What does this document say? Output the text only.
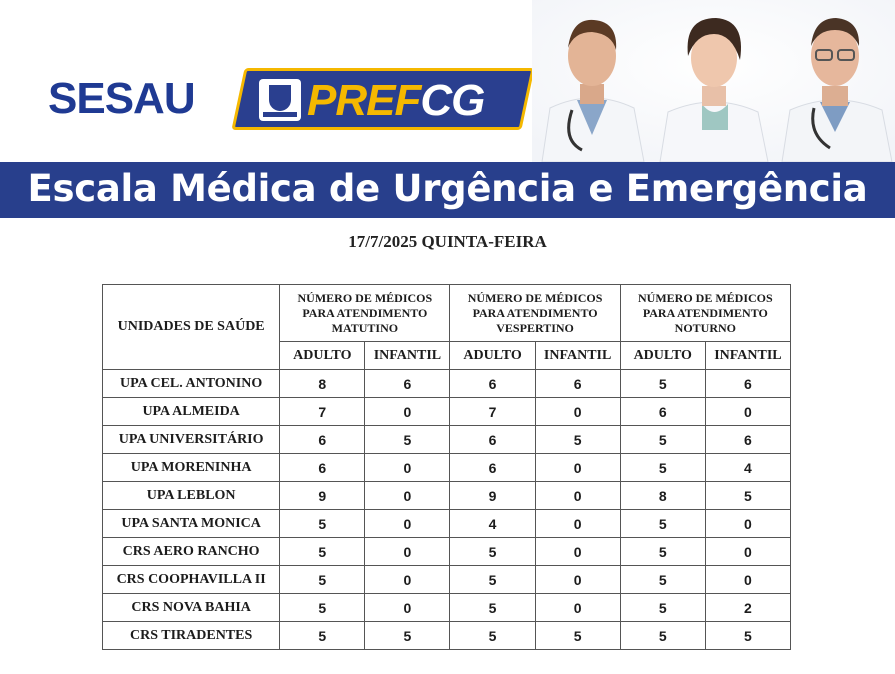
SESAU	PREFCG
Escala Médica de Urgência e Emergência
17/7/2025 QUINTA-FEIRA
UNIDADES DE SAÚDE	NÚMERO DE MÉDICOS PARA ATENDIMENTO MATUTINO		NÚMERO DE MÉDICOS PARA ATENDIMENTO VESPERTINO		NÚMERO DE MÉDICOS PARA ATENDIMENTO NOTURNO	
	ADULTO	INFANTIL	ADULTO	INFANTIL	ADULTO	INFANTIL
UPA CEL. ANTONINO	8	6	6	6	5	6
UPA ALMEIDA	7	0	7	0	6	0
UPA UNIVERSITÁRIO	6	5	6	5	5	6
UPA MORENINHA	6	0	6	0	5	4
UPA LEBLON	9	0	9	0	8	5
UPA SANTA MONICA	5	0	4	0	5	0
CRS AERO RANCHO	5	0	5	0	5	0
CRS COOPHAVILLA II	5	0	5	0	5	0
CRS NOVA BAHIA	5	0	5	0	5	2
CRS TIRADENTES	5	5	5	5	5	5
